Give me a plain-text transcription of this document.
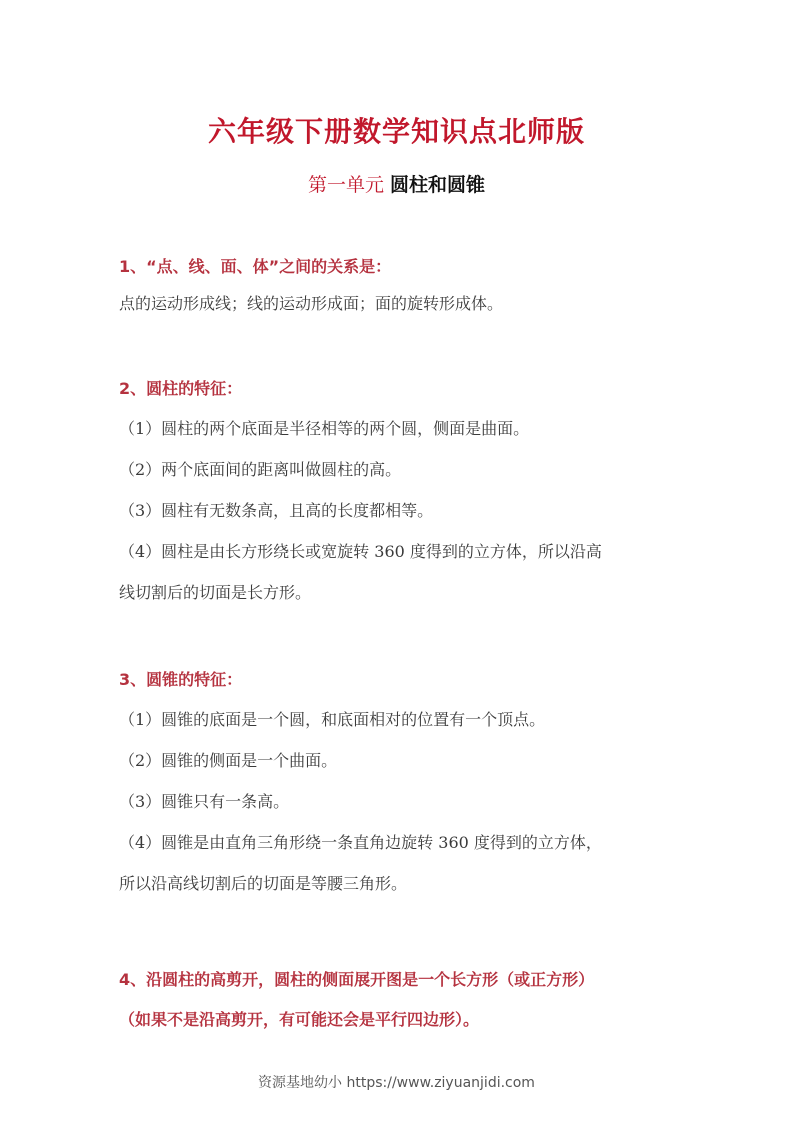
六年级下册数学知识点北师版
第一单元 圆柱和圆锥
1、“点、线、面、体”之间的关系是：
点的运动形成线；线的运动形成面；面的旋转形成体。
2、圆柱的特征：
（1）圆柱的两个底面是半径相等的两个圆，侧面是曲面。
（2）两个底面间的距离叫做圆柱的高。
（3）圆柱有无数条高，且高的长度都相等。
（4）圆柱是由长方形绕长或宽旋转 360 度得到的立方体，所以沿高
线切割后的切面是长方形。
3、圆锥的特征：
（1）圆锥的底面是一个圆，和底面相对的位置有一个顶点。
（2）圆锥的侧面是一个曲面。
（3）圆锥只有一条高。
（4）圆锥是由直角三角形绕一条直角边旋转 360 度得到的立方体，
所以沿高线切割后的切面是等腰三角形。
4、沿圆柱的高剪开，圆柱的侧面展开图是一个长方形（或正方形）
（如果不是沿高剪开，有可能还会是平行四边形）。
资源基地幼小 https://www.ziyuanjidi.com
